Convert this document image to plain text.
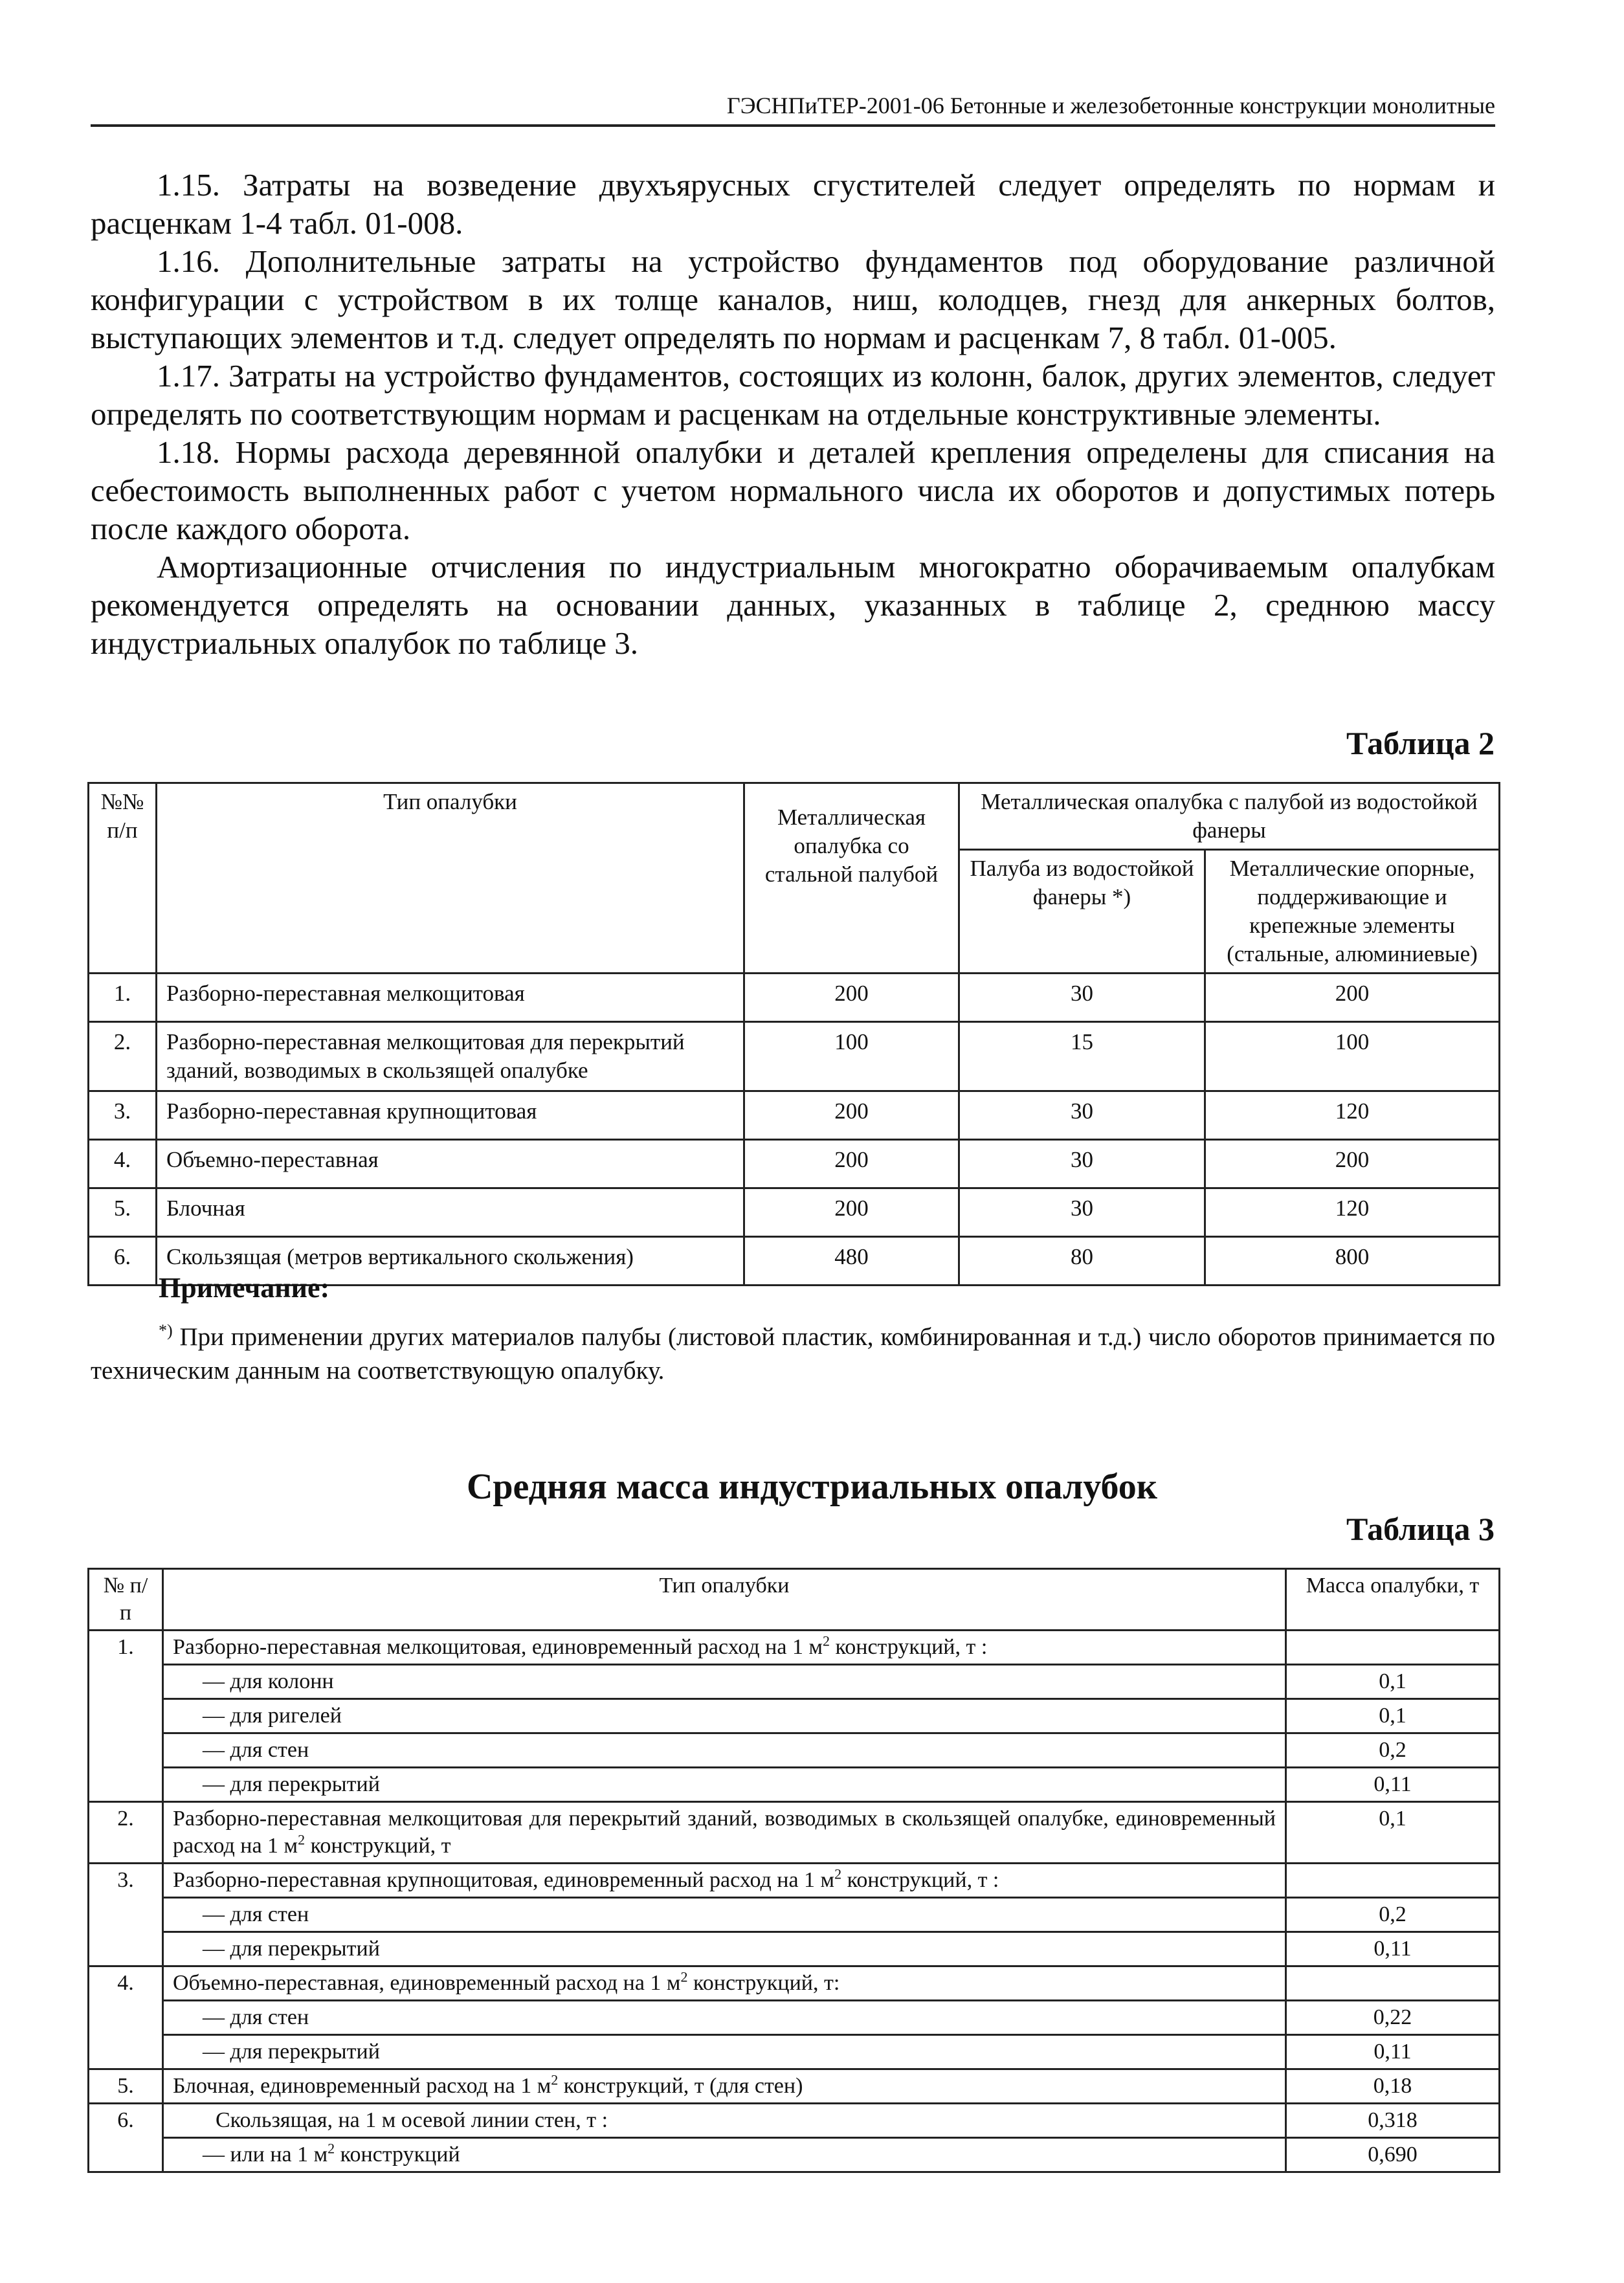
ГЭСНПиТЕР-2001-06 Бетонные и железобетонные конструкции монолитные

1.15. Затраты на возведение двухъярусных сгустителей следует определять по нормам и расценкам 1-4 табл. 01-008.

1.16. Дополнительные затраты на устройство фундаментов под оборудование различной конфигурации с устройством в их толще каналов, ниш, колодцев, гнезд для анкерных болтов, выступающих элементов и т.д. следует определять по нормам и расценкам 7, 8 табл. 01-005.

1.17. Затраты на устройство фундаментов, состоящих из колонн, балок, других элементов, следует определять по соответствующим нормам и расценкам на отдельные конструктивные элементы.

1.18. Нормы расхода деревянной опалубки и деталей крепления определены для списания на себестоимость выполненных работ с учетом нормального числа их оборотов и допустимых потерь после каждого оборота.

Амортизационные отчисления по индустриальным многократно оборачиваемым опалубкам рекомендуется определять на основании данных, указанных в таблице 2, среднюю массу индустриальных опалубок по таблице 3.

Таблица 2
№№ п/п	Тип опалубки	Металлическая опалубка со стальной палубой	Металлическая опалубка с палубой из водостойкой фанеры	
			Палуба из водостойкой фанеры *)	Металлические опорные, поддерживающие и крепежные элементы (стальные, алюминиевые)
1.	Разборно-переставная мелкощитовая	200	30	200
2.	Разборно-переставная мелкощитовая для перекрытий зданий, возводимых в скользящей опалубке	100	15	100
3.	Разборно-переставная крупнощитовая	200	30	120
4.	Объемно-переставная	200	30	200
5.	Блочная	200	30	120
6.	Скользящая (метров вертикального скольжения)	480	80	800
Примечание:
*) При применении других материалов палубы (листовой пластик, комбинированная и т.д.) число оборотов принимается по техническим данным на соответствующую опалубку.
Средняя масса индустриальных опалубок
Таблица 3
№ п/п	Тип опалубки	Масса опалубки, т
1.	Разборно-переставная мелкощитовая, единовременный расход на 1 $м^2$ конструкций, т :	
	— для колонн	0,1
	— для ригелей	0,1
	— для стен	0,2
	— для перекрытий	0,11
2.	Разборно-переставная мелкощитовая для перекрытий зданий, возводимых в скользящей опалубке, единовременный расход на 1 $м^2$ конструкций, т	0,1
3.	Разборно-переставная крупнощитовая, единовременный расход на 1 $м^2$ конструкций, т :	
	— для стен	0,2
	— для перекрытий	0,11
4.	Объемно-переставная, единовременный расход на 1 $м^2$ конструкций, т:	
	— для стен	0,22
	— для перекрытий	0,11
5.	Блочная, единовременный расход на 1 $м^2$ конструкций, т (для стен)	0,18
6.	Скользящая, на 1 м осевой линии стен, т :	0,318
	— или на 1 $м^2$ конструкций	0,690
